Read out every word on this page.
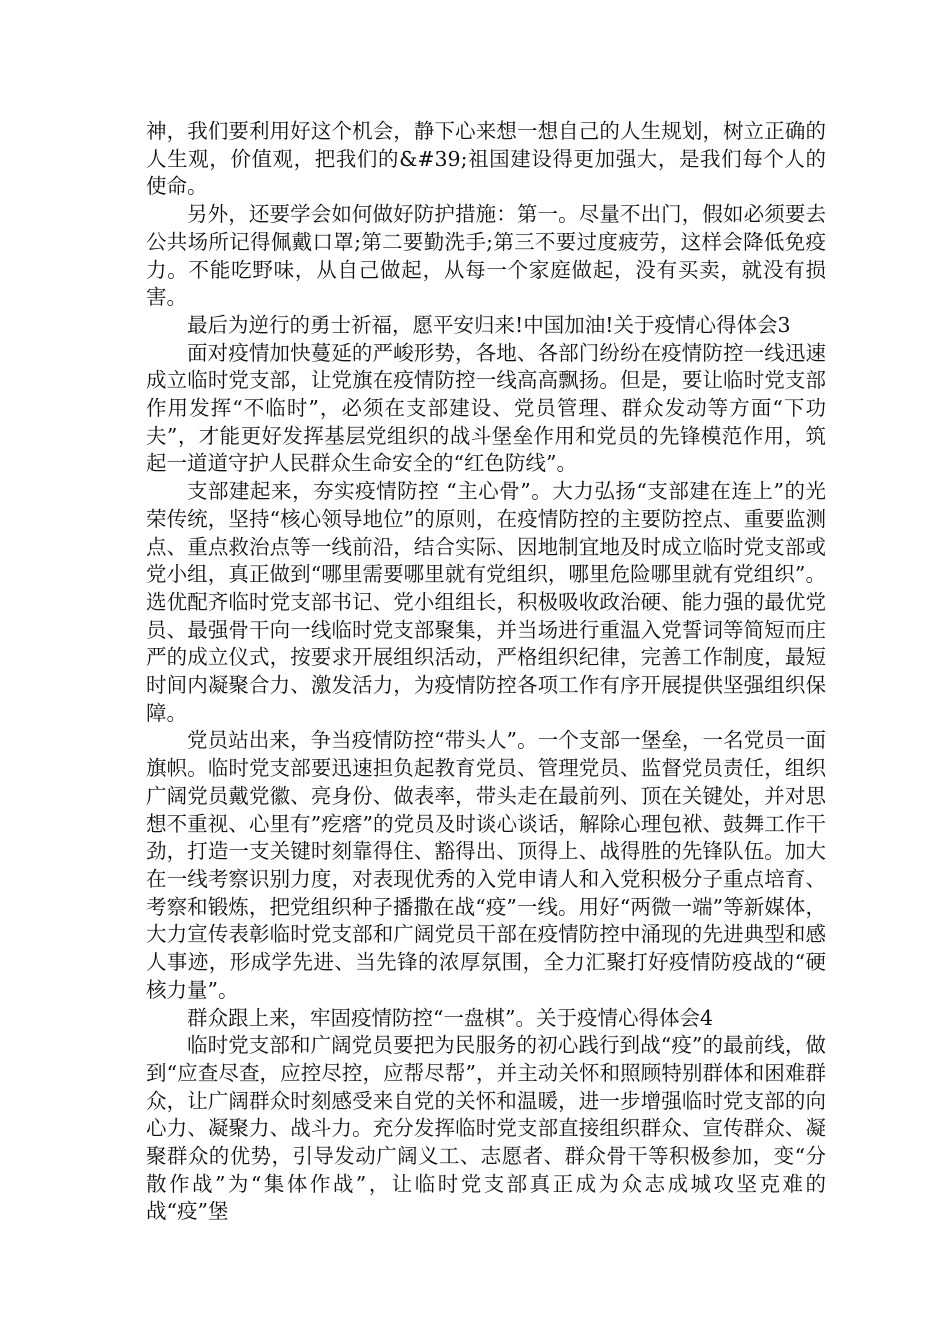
神，我们要利用好这个机会，静下心来想一想自己的人生规划，树立正确的人生观，价值观，把我们的&#39;祖国建设得更加强大，是我们每个人的使命。

另外，还要学会如何做好防护措施：第一。尽量不出门，假如必须要去公共场所记得佩戴口罩;第二要勤洗手;第三不要过度疲劳，这样会降低免疫力。不能吃野味，从自己做起，从每一个家庭做起，没有买卖，就没有损害。

最后为逆行的勇士祈福，愿平安归来!中国加油!关于疫情心得体会3

面对疫情加快蔓延的严峻形势，各地、各部门纷纷在疫情防控一线迅速成立临时党支部，让党旗在疫情防控一线高高飘扬。但是，要让临时党支部作用发挥“不临时”，必须在支部建设、党员管理、群众发动等方面“下功夫”，才能更好发挥基层党组织的战斗堡垒作用和党员的先锋模范作用，筑起一道道守护人民群众生命安全的“红色防线”。

支部建起来，夯实疫情防控 “主心骨”。大力弘扬“支部建在连上”的光荣传统，坚持“核心领导地位”的原则，在疫情防控的主要防控点、重要监测点、重点救治点等一线前沿，结合实际、因地制宜地及时成立临时党支部或党小组，真正做到“哪里需要哪里就有党组织，哪里危险哪里就有党组织”。选优配齐临时党支部书记、党小组组长，积极吸收政治硬、能力强的最优党员、最强骨干向一线临时党支部聚集，并当场进行重温入党誓词等简短而庄严的成立仪式，按要求开展组织活动，严格组织纪律，完善工作制度，最短时间内凝聚合力、激发活力，为疫情防控各项工作有序开展提供坚强组织保障。

党员站出来，争当疫情防控“带头人”。一个支部一堡垒，一名党员一面旗帜。临时党支部要迅速担负起教育党员、管理党员、监督党员责任，组织广阔党员戴党徽、亮身份、做表率，带头走在最前列、顶在关键处，并对思想不重视、心里有”疙瘩”的党员及时谈心谈话，解除心理包袱、鼓舞工作干劲，打造一支关键时刻靠得住、豁得出、顶得上、战得胜的先锋队伍。加大在一线考察识别力度，对表现优秀的入党申请人和入党积极分子重点培育、考察和锻炼，把党组织种子播撒在战“疫”一线。用好“两微一端”等新媒体，大力宣传表彰临时党支部和广阔党员干部在疫情防控中涌现的先进典型和感人事迹，形成学先进、当先锋的浓厚氛围，全力汇聚打好疫情防疫战的“硬核力量”。

群众跟上来，牢固疫情防控“一盘棋”。关于疫情心得体会4

临时党支部和广阔党员要把为民服务的初心践行到战“疫”的最前线，做到“应查尽查，应控尽控，应帮尽帮”，并主动关怀和照顾特别群体和困难群众，让广阔群众时刻感受来自党的关怀和温暖，进一步增强临时党支部的向心力、凝聚力、战斗力。充分发挥临时党支部直接组织群众、宣传群众、凝聚群众的优势，引导发动广阔义工、志愿者、群众骨干等积极参加，变“分散作战”为“集体作战”，让临时党支部真正成为众志成城攻坚克难的战“疫”堡
